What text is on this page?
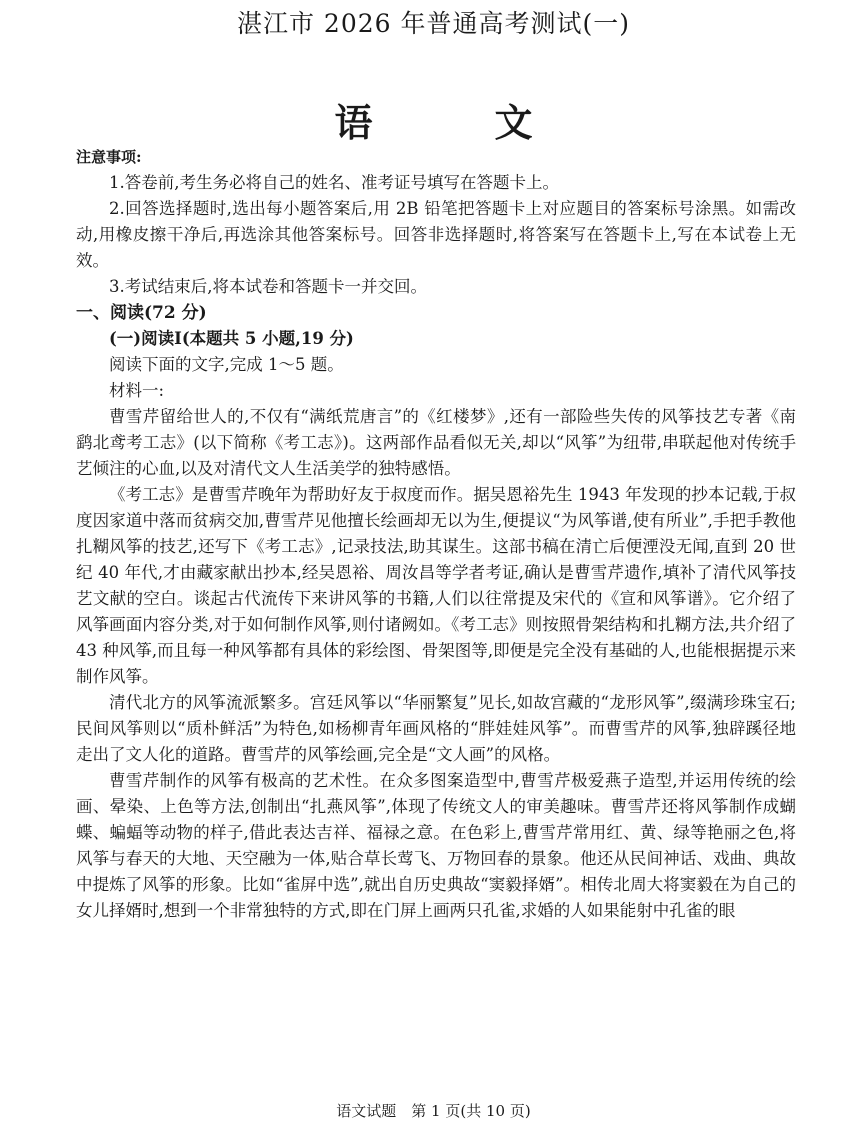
湛江市 2026 年普通高考测试(一)
语　文

注意事项:

1.答卷前,考生务必将自己的姓名、准考证号填写在答题卡上。

2.回答选择题时,选出每小题答案后,用 2B 铅笔把答题卡上对应题目的答案标号涂黑。如需改动,用橡皮擦干净后,再选涂其他答案标号。回答非选择题时,将答案写在答题卡上,写在本试卷上无效。

3.考试结束后,将本试卷和答题卡一并交回。

一、阅读(72 分)

(一)阅读Ⅰ(本题共 5 小题,19 分)

阅读下面的文字,完成 1～5 题。

材料一:

曹雪芹留给世人的,不仅有“满纸荒唐言”的《红楼梦》,还有一部险些失传的风筝技艺专著《南鹞北鸢考工志》(以下简称《考工志》)。这两部作品看似无关,却以“风筝”为纽带,串联起他对传统手艺倾注的心血,以及对清代文人生活美学的独特感悟。

《考工志》是曹雪芹晚年为帮助好友于叔度而作。据吴恩裕先生 1943 年发现的抄本记载,于叔度因家道中落而贫病交加,曹雪芹见他擅长绘画却无以为生,便提议“为风筝谱,使有所业”,手把手教他扎糊风筝的技艺,还写下《考工志》,记录技法,助其谋生。这部书稿在清亡后便湮没无闻,直到 20 世纪 40 年代,才由藏家献出抄本,经吴恩裕、周汝昌等学者考证,确认是曹雪芹遗作,填补了清代风筝技艺文献的空白。谈起古代流传下来讲风筝的书籍,人们以往常提及宋代的《宣和风筝谱》。它介绍了风筝画面内容分类,对于如何制作风筝,则付诸阙如。《考工志》则按照骨架结构和扎糊方法,共介绍了 43 种风筝,而且每一种风筝都有具体的彩绘图、骨架图等,即便是完全没有基础的人,也能根据提示来制作风筝。

清代北方的风筝流派繁多。宫廷风筝以“华丽繁复”见长,如故宫藏的“龙形风筝”,缀满珍珠宝石;民间风筝则以“质朴鲜活”为特色,如杨柳青年画风格的“胖娃娃风筝”。而曹雪芹的风筝,独辟蹊径地走出了文人化的道路。曹雪芹的风筝绘画,完全是“文人画”的风格。

曹雪芹制作的风筝有极高的艺术性。在众多图案造型中,曹雪芹极爱燕子造型,并运用传统的绘画、晕染、上色等方法,创制出“扎燕风筝”,体现了传统文人的审美趣味。曹雪芹还将风筝制作成蝴蝶、蝙蝠等动物的样子,借此表达吉祥、福禄之意。在色彩上,曹雪芹常用红、黄、绿等艳丽之色,将风筝与春天的大地、天空融为一体,贴合草长莺飞、万物回春的景象。他还从民间神话、戏曲、典故中提炼了风筝的形象。比如“雀屏中选”,就出自历史典故“窦毅择婿”。相传北周大将窦毅在为自己的女儿择婿时,想到一个非常独特的方式,即在门屏上画两只孔雀,求婚的人如果能射中孔雀的眼

语文试题　第 1 页(共 10 页)
